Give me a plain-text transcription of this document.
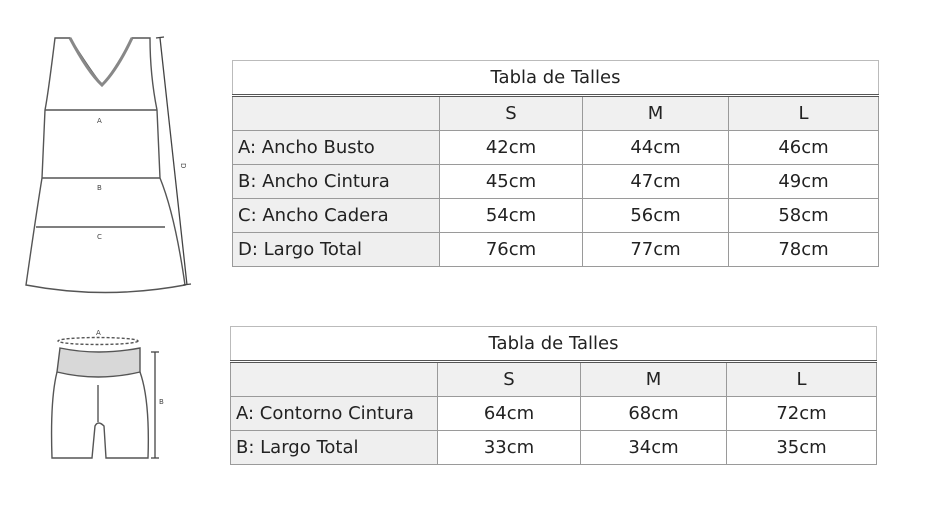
A
B
C
D
A
B
Tabla de Talles			
	S	M	L
A: Ancho Busto	42cm	44cm	46cm
B: Ancho Cintura	45cm	47cm	49cm
C: Ancho Cadera	54cm	56cm	58cm
D: Largo Total	76cm	77cm	78cm
Tabla de Talles			
	S	M	L
A: Contorno Cintura	64cm	68cm	72cm
B: Largo Total	33cm	34cm	35cm
